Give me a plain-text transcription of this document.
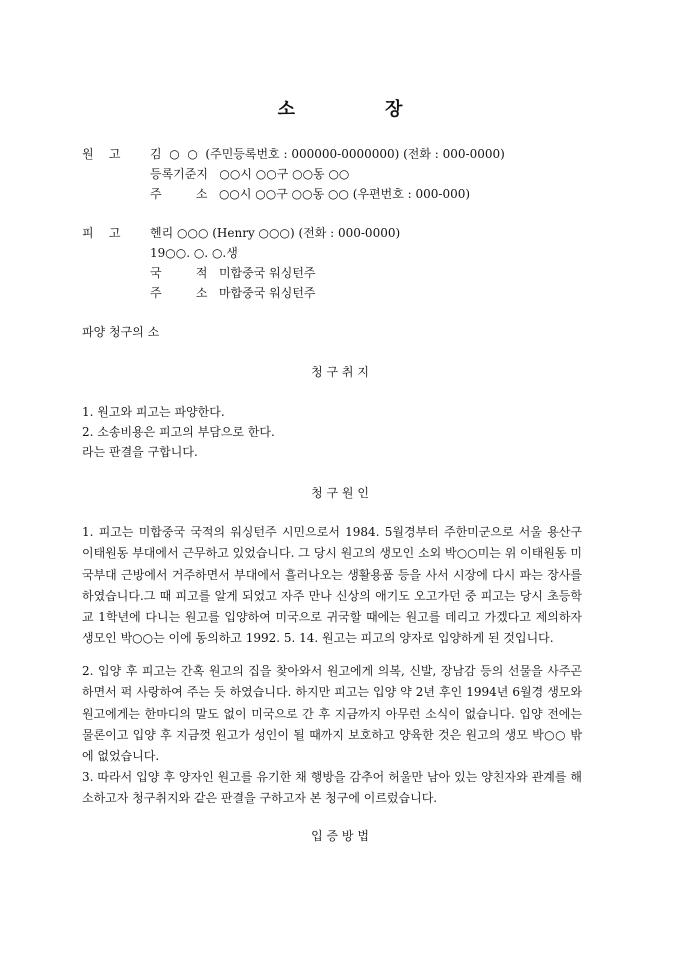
소	장
원    고 김  ○  ○  (주민등록번호 : 000000-0000000) (전화 : 000-0000)
등록기준지   ○○시 ○○구 ○○동 ○○
주         소   ○○시 ○○구 ○○동 ○○ (우편번호 : 000-000)
피    고 헨리 ○○○ (Henry ○○○) (전화 : 000-0000)
19○○. ○. ○.생
국         적   미합중국 워싱턴주
주         소   마합중국 워싱턴주
파양 청구의 소
청 구 취 지
1. 원고와 피고는 파양한다.
2. 소송비용은 피고의 부담으로 한다.
라는 판결을 구합니다.
청 구 원 인
1. 피고는 미합중국 국적의 워싱턴주 시민으로서 1984. 5월경부터 주한미군으로 서울 용산구 이태원동 부대에서 근무하고 있었습니다. 그 당시 원고의 생모인 소외 박○○미는 위 이태원동 미국부대 근방에서 거주하면서 부대에서 흘러나오는 생활용품 등을 사서 시장에 다시 파는 장사를 하였습니다.그 때 피고를 알게 되었고 자주 만나 신상의 애기도 오고가던 중 피고는 당시 초등학교 1학년에 다니는 원고를 입양하여 미국으로 귀국할 때에는 원고를 데리고 가겠다고 제의하자 생모인 박○○는 이에 동의하고 1992. 5. 14. 원고는 피고의 양자로 입양하게 된 것입니다.
2. 입양 후 피고는 간혹 원고의 집을 찾아와서 원고에게 의복, 신발, 장남감 등의 선물을 사주곤 하면서 퍽 사랑하여 주는 듯 하였습니다. 하지만 피고는 입양 약 2년 후인 1994년 6월경 생모와 원고에게는 한마디의 말도 없이 미국으로 간 후 지금까지 아무런 소식이 없습니다. 입양 전에는 물론이고 입양 후 지금껏 원고가 성인이 될 때까지 보호하고 양육한 것은 원고의 생모 박○○ 밖에 없었습니다.
3. 따라서 입양 후 양자인 원고를 유기한 채 행방을 감추어 허울만 남아 있는 양친자와 관계를 해소하고자 청구취지와 같은 판결을 구하고자 본 청구에 이르렀습니다.
입 증 방 법
